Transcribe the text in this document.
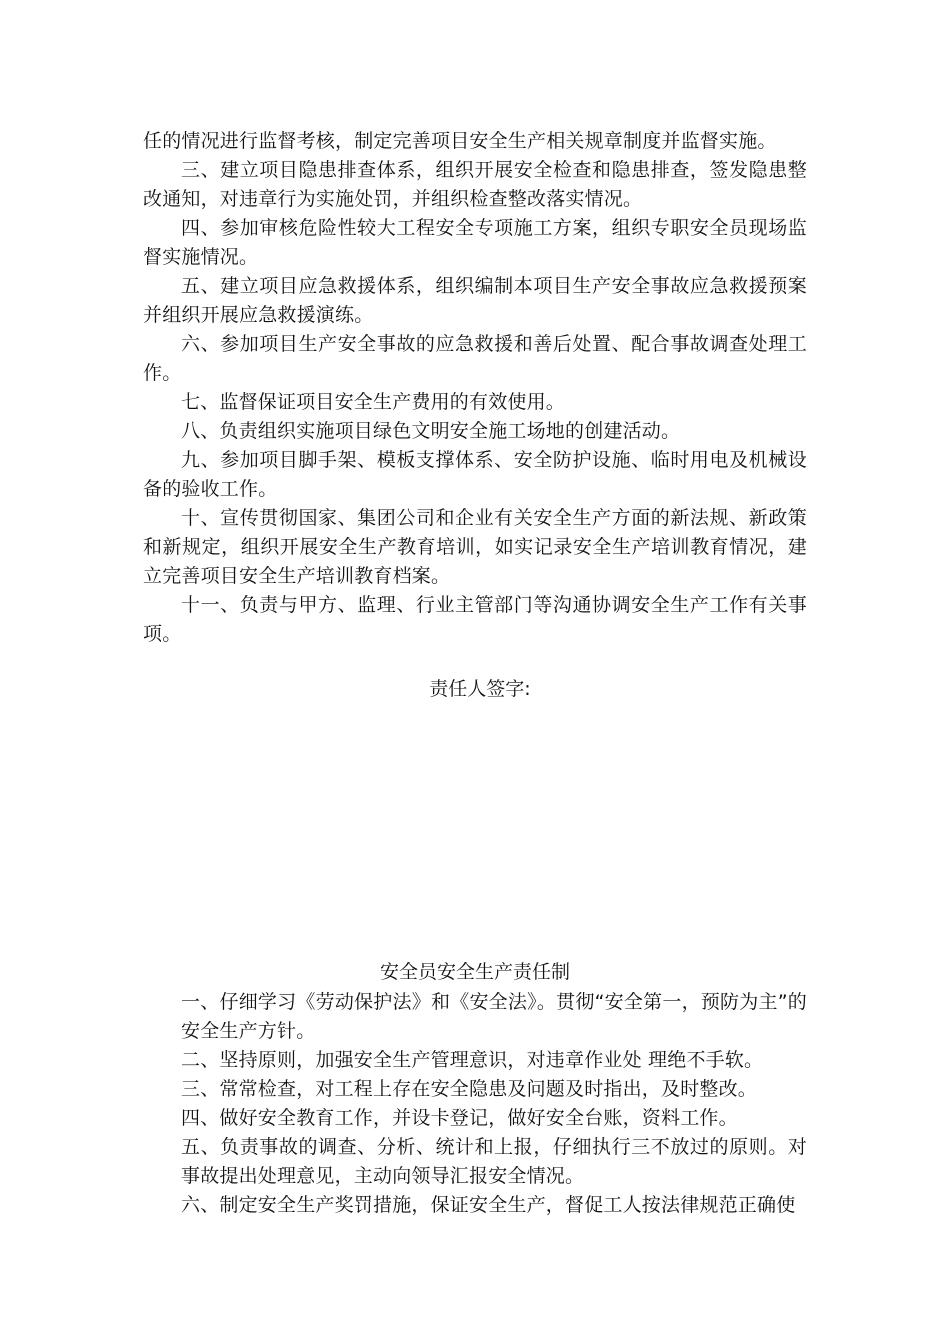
任的情况进行监督考核，制定完善项目安全生产相关规章制度并监督实施。

三、建立项目隐患排查体系，组织开展安全检查和隐患排查，签发隐患整改通知，对违章行为实施处罚，并组织检查整改落实情况。

四、参加审核危险性较大工程安全专项施工方案，组织专职安全员现场监督实施情况。

五、建立项目应急救援体系，组织编制本项目生产安全事故应急救援预案并组织开展应急救援演练。

六、参加项目生产安全事故的应急救援和善后处置、配合事故调查处理工作。

七、监督保证项目安全生产费用的有效使用。

八、负责组织实施项目绿色文明安全施工场地的创建活动。

九、参加项目脚手架、模板支撑体系、安全防护设施、临时用电及机械设备的验收工作。

十、宣传贯彻国家、集团公司和企业有关安全生产方面的新法规、新政策和新规定，组织开展安全生产教育培训，如实记录安全生产培训教育情况，建立完善项目安全生产培训教育档案。

十一、负责与甲方、监理、行业主管部门等沟通协调安全生产工作有关事项。

责任人签字:
安全员安全生产责任制

一、仔细学习《劳动保护法》和《安全法》。贯彻“安全第一，预防为主”的安全生产方针。

二、坚持原则，加强安全生产管理意识，对违章作业处 理绝不手软。

三、常常检查，对工程上存在安全隐患及问题及时指出，及时整改。

四、做好安全教育工作，并设卡登记，做好安全台账，资料工作。

五、负责事故的调查、分析、统计和上报，仔细执行三不放过的原则。对事故提出处理意见，主动向领导汇报安全情况。

六、制定安全生产奖罚措施，保证安全生产，督促工人按法律规范正确使
